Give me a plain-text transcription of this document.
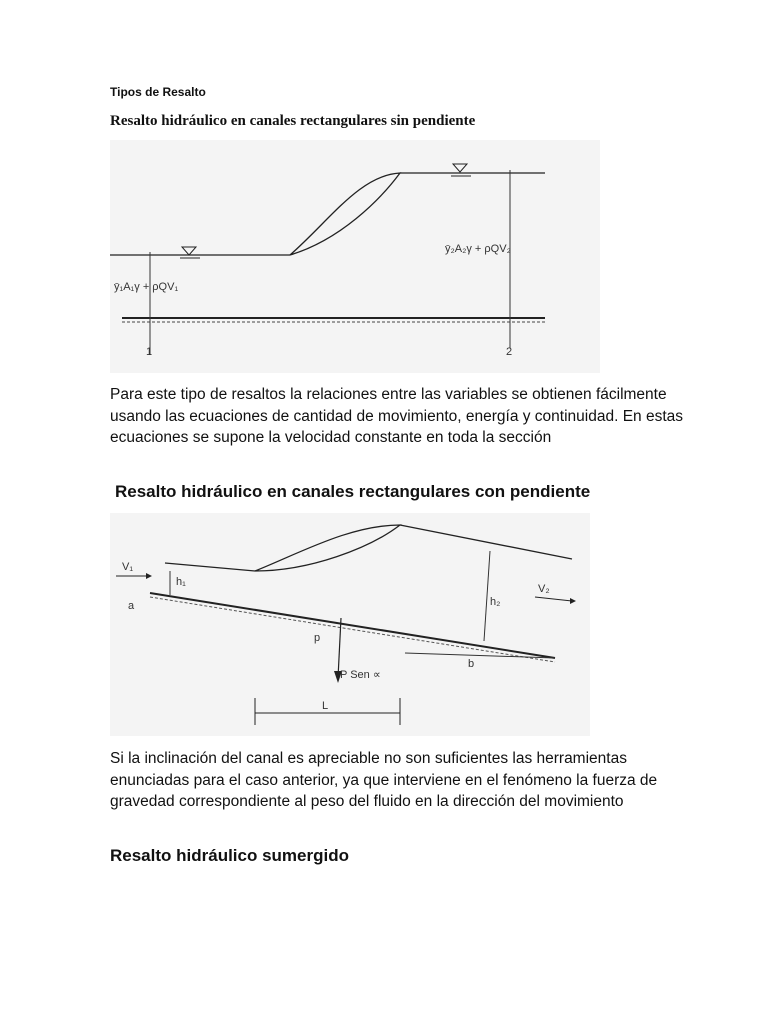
Tipos de Resalto
Resalto hidráulico en canales rectangulares sin pendiente
ȳ₁A₁γ + ρQV₁
ȳ₂A₂γ + ρQV₂
1	2
Para este tipo de resaltos la relaciones entre las variables se obtienen fácilmente usando las ecuaciones de cantidad de movimiento, energía y continuidad. En estas ecuaciones se supone la velocidad constante en toda la sección
Resalto hidráulico en canales rectangulares con pendiente
V₁
V₂
h₁
h₂
a
b
p
P Sen ∝
L
Si la inclinación del canal es apreciable no son suficientes las herramientas enunciadas para el caso anterior, ya que interviene en el fenómeno la fuerza de gravedad correspondiente al peso del fluido en la dirección del movimiento
Resalto hidráulico sumergido
